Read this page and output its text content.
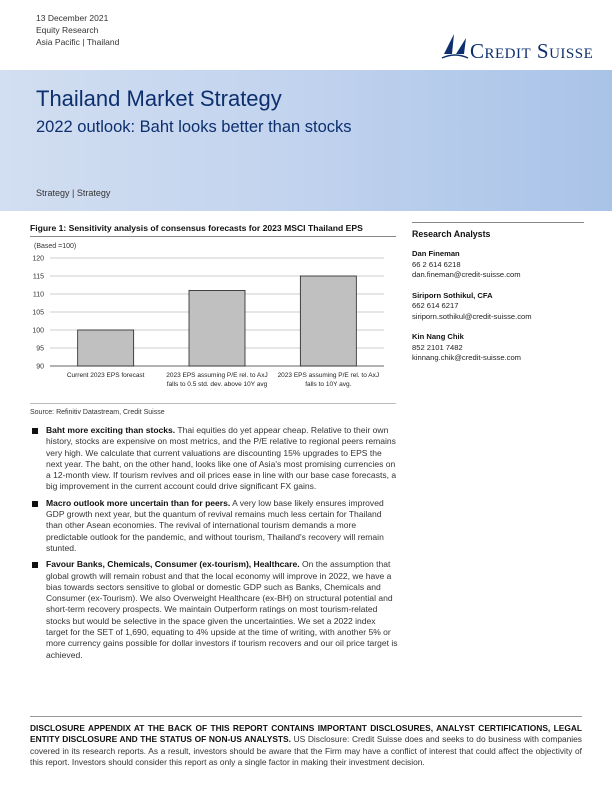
13 December 2021
Equity Research
Asia Pacific | Thailand	Credit Suisse
Thailand Market Strategy
2022 outlook: Baht looks better than stocks
Strategy | Strategy
Figure 1: Sensitivity analysis of consensus forecasts for 2023 MSCI Thailand EPS
(Based =100)
90
95
100
105
110
115
120
Current 2023 EPS forecast	2023 EPS assuming P/E rel. to AxJ
falls to 0.5 std. dev. above 10Y avg
2023 EPS assuming P/E rel. to AxJ
falls to 10Y avg.
Source: Refinitiv Datastream, Credit Suisse
Research Analysts
Dan Fineman
66 2 614 6218
dan.fineman@credit-suisse.com
Siriporn Sothikul, CFA
662 614 6217
siriporn.sothikul@credit-suisse.com
Kin Nang Chik
852 2101 7482
kinnang.chik@credit-suisse.com
Baht more exciting than stocks. Thai equities do yet appear cheap. Relative to their own history, stocks are expensive on most metrics, and the P/E relative to regional peers remains very high. We calculate that current valuations are discounting 15% upgrades to EPS the next year. The baht, on the other hand, looks like one of Asia's most promising currencies on a 12-month view. If tourism revives and oil prices ease in line with our base case forecasts, a big improvement in the current account could drive significant FX gains.
Macro outlook more uncertain than for peers. A very low base likely ensures improved GDP growth next year, but the quantum of revival remains much less certain for Thailand than other Asean economies. The revival of international tourism demands a more predictable outlook for the pandemic, and without tourism, Thailand's recovery will remain stunted.
Favour Banks, Chemicals, Consumer (ex-tourism), Healthcare. On the assumption that global growth will remain robust and that the local economy will improve in 2022, we have a bias towards sectors sensitive to global or domestic GDP such as Banks, Chemicals and Consumer (ex-Tourism). We also Overweight Healthcare (ex-BH) on structural potential and short-term recovery prospects. We maintain Outperform ratings on most tourism-related stocks but would be selective in the space given the uncertainties. We set a 2022 index target for the SET of 1,690, equating to 4% upside at the time of writing, with another 5% or more currency gains possible for dollar investors if tourism recovers and our oil price target is achieved.
DISCLOSURE APPENDIX AT THE BACK OF THIS REPORT CONTAINS IMPORTANT DISCLOSURES, ANALYST CERTIFICATIONS, LEGAL ENTITY DISCLOSURE AND THE STATUS OF NON-US ANALYSTS. US Disclosure: Credit Suisse does and seeks to do business with companies covered in its research reports. As a result, investors should be aware that the Firm may have a conflict of interest that could affect the objectivity of this report. Investors should consider this report as only a single factor in making their investment decision.
